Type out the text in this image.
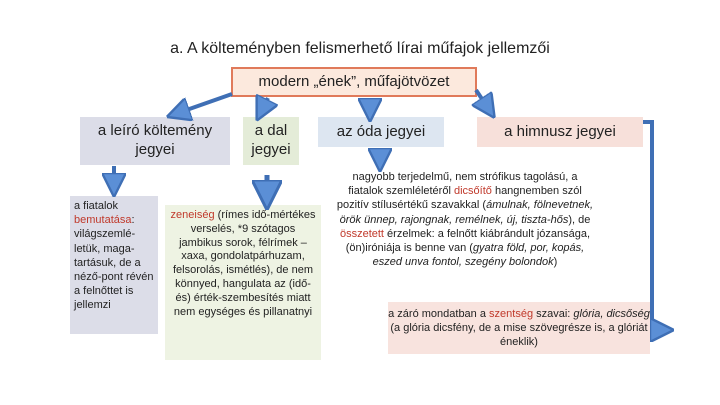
a. A költeményben felismerhető lírai műfajok jellemzői
modern „ének”, műfajötvözet
a leíró költemény jegyei
a dal jegyei
az óda jegyei	a himnusz jegyei
a fiatalok bemutatása: világszemlé-letük, maga-tartásuk, de a néző-pont révén a felnőttet is jellemzi
zeneiség (rímes idő-mértékes verselés, *9 szótagos jambikus sorok, félrímek – xaxa, gondolatpárhuzam, felsorolás, ismétlés), de nem könnyed, hangulata az (idő- és) érték-szembesítés miatt nem egységes és pillanatnyi
nagyobb terjedelmű, nem strófikus tagolású, a fiatalok szemléletéről dicsőítő hangnemben szól pozitív stílusértékű szavakkal (ámulnak, fölnevetnek, örök ünnep, rajongnak, remélnek, új, tiszta-hős), de összetett érzelmek: a felnőtt kiábrándult józansága, (ön)iróniája is benne van (gyatra föld, por, kopás, eszed unva fontol, szegény bolondok)
a záró mondatban a szentség szavai: glória, dicsőség (a glória dicsfény, de a mise szövegrésze is, a glóriát éneklik)
